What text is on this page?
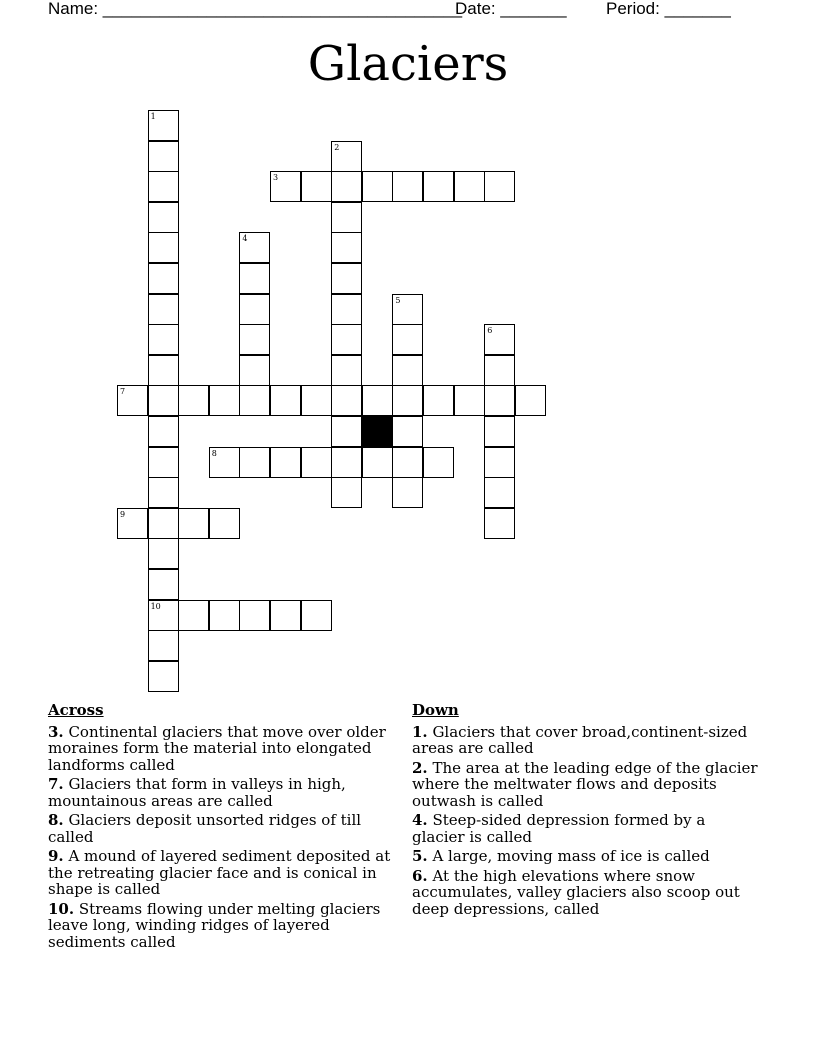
Name: ______________________________________
Date: _______ Period: _______
Glaciers
1
2
3
4
5
6
7
8
9
10
Across
3. Continental glaciers that move over older moraines form the material into elongated landforms called
7. Glaciers that form in valleys in high, mountainous areas are called
8. Glaciers deposit unsorted ridges of till called
9. A mound of layered sediment deposited at the retreating glacier face and is conical in shape is called
10. Streams flowing under melting glaciers leave long, winding ridges of layered sediments called
Down
1. Glaciers that cover broad,continent-sized areas are called
2. The area at the leading edge of the glacier where the meltwater flows and deposits outwash is called
4. Steep-sided depression formed by a glacier is called
5. A large, moving mass of ice is called
6. At the high elevations where snow accumulates, valley glaciers also scoop out deep depressions, called
